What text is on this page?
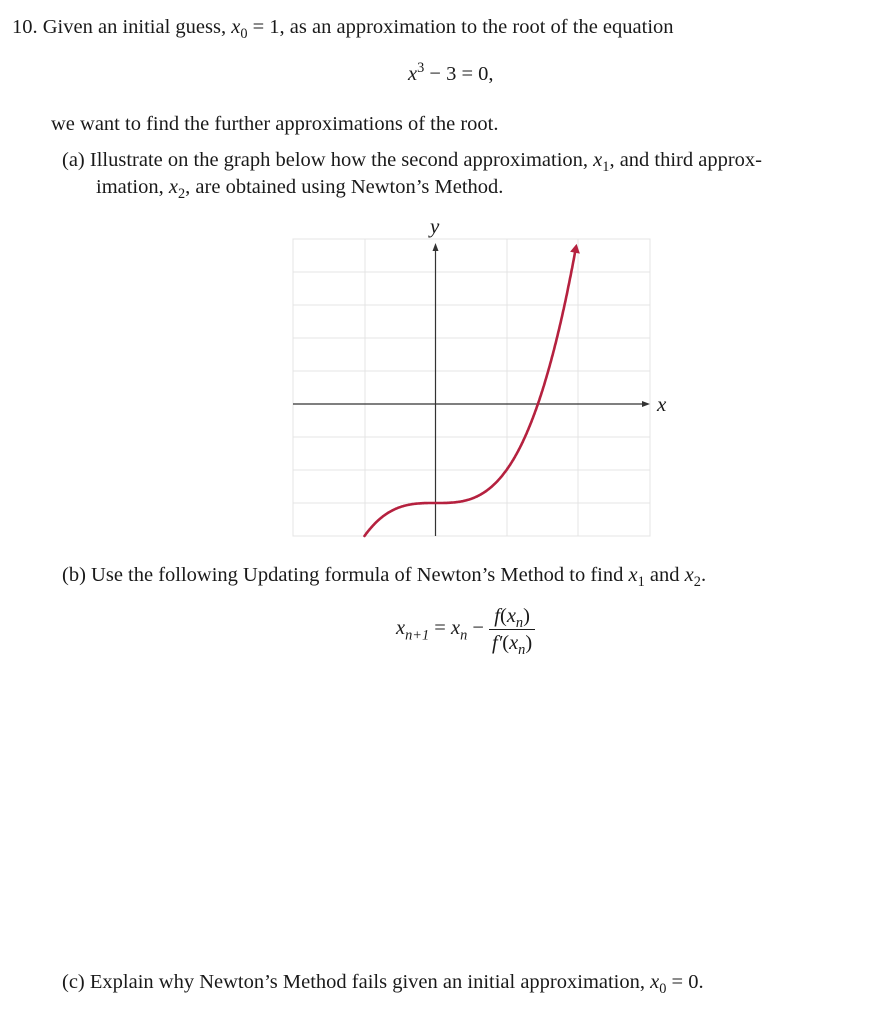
10. Given an initial guess, $x_0 = 1$, as an approximation to the root of the equation
$x^3 - 3 = 0$,
we want to find the further approximations of the root.
(a) Illustrate on the graph below how the second approximation, $x_1$, and third approx-
imation, $x_2$, are obtained using Newton’s Method.
y
x
(b) Use the following Updating formula of Newton’s Method to find $x_1$ and $x_2$.
$x_{n+1} = x_n - \frac{f(x_n)}{f'(x_n)}$
(c) Explain why Newton’s Method fails given an initial approximation, $x_0 = 0$.
